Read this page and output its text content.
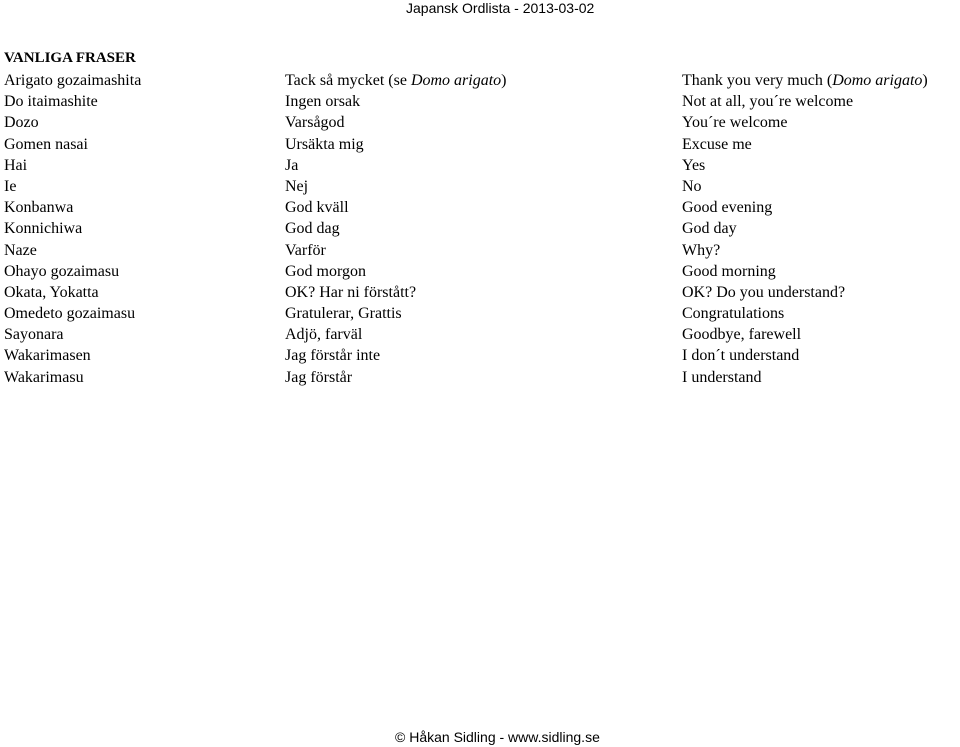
Japansk Ordlista - 2013-03-02
VANLIGA FRASER
Arigato gozaimashita	Tack så mycket (se Domo arigato)	Thank you very much (Domo arigato)
Do itaimashite	Ingen orsak	Not at all, you´re welcome
Dozo	Varsågod	You´re welcome
Gomen nasai	Ursäkta mig	Excuse me
Hai	Ja	Yes
Ie	Nej	No
Konbanwa	God kväll	Good evening
Konnichiwa	God dag	God day
Naze	Varför	Why?
Ohayo gozaimasu	God morgon	Good morning
Okata, Yokatta	OK? Har ni förstått?	OK? Do you understand?
Omedeto gozaimasu	Gratulerar, Grattis	Congratulations
Sayonara	Adjö, farväl	Goodbye, farewell
Wakarimasen	Jag förstår inte	I don´t understand
Wakarimasu	Jag förstår	I understand
© Håkan Sidling - www.sidling.se
